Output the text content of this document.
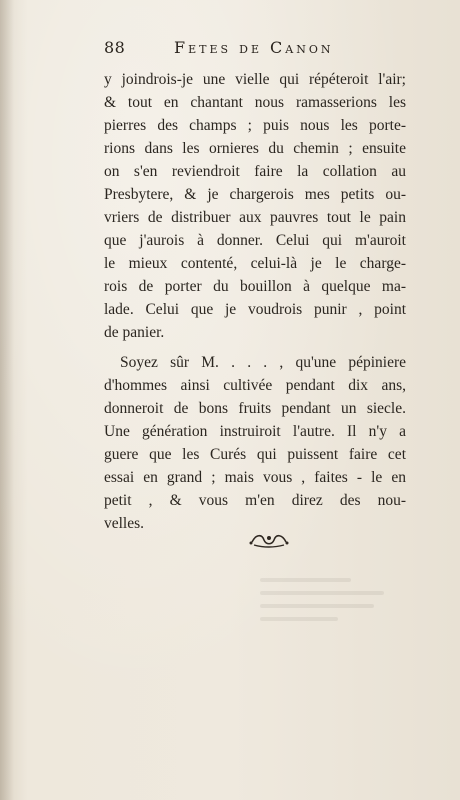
88	Fetes de Canon
y joindrois-je une vielle qui répéteroit l'air;
& tout en chantant nous ramasserions les
pierres des champs ; puis nous les porte-
rions dans les ornieres du chemin ; ensuite
on s'en reviendroit faire la collation au
Presbytere, & je chargerois mes petits ou-
vriers de distribuer aux pauvres tout le pain
que j'aurois à donner. Celui qui m'auroit
le mieux contenté, celui-là je le charge-
rois de porter du bouillon à quelque ma-
lade. Celui que je voudrois punir , point
de panier.
Soyez sûr M. . . . , qu'une pépiniere
d'hommes ainsi cultivée pendant dix ans,
donneroit de bons fruits pendant un siecle.
Une génération instruiroit l'autre. Il n'y a
guere que les Curés qui puissent faire cet
essai en grand ; mais vous , faites - le en
petit , & vous m'en direz des nou-
velles.
